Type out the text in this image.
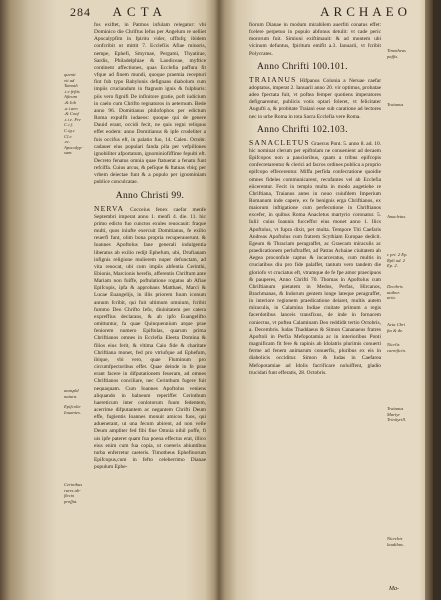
284 ACTA
quenti
vit ad
Tamoth
.i.e feftis
Afieum
.& Ioh
.a.i.aeo
.& Conf
.t.i.e. Fre
C.i.f.
C.ig.c
Cl.e.
.ec.
Apocalyp-
sum.
unaspld
natura.
Epifcolie
Iouanies.
Cerinthus
rures ab-
flecto
proffat.

fos exiftet, in Patmos infulam relegatur: vbi Dominico die Chriftus Iefus per Angelum re uelliet Apocalypfim in fpiritu vider, ufflufq; ibidem confcribit ut mittit 7. Ecclefiis Afiae minoris, nempe, Ephefi, Smyrnae, Pergami, Thyatirae, Sardis, Philadelphiae & Laodiceae, myftice continent affectiones, quas Ecclefia paffura fit vfque ad finem mundi, quoque praemia recepturi fint fub typo Babylonis defignans diabolum cum impiis cruciandum in ftagnum ignis & fulphuris: piis vero fignifi De infinitore gratie, poft iudicium in caelo cum Chrifto regnaturos in aeternum. Bede anno 96. Domitianus philofophos per edictum Roma expulfit iudaeos: quoque qui de genere Dauid erant, occidi fecit, ne quis regni reliquus effet eodem: anno Domitianus & ipfe crudeliter a fuis occifus eft, in palatio fuo, 14. Calen. Octobr. cadauer eius populari fanda pila per vefpillones ignobiliter afportatum, ignominiofiffime fepulti eft. Decreto fenatus omnia quae ftatuerat a fenatu funt refciffa. Cuius arcus, & pefique & ftatuas vbiq; per vrbem deiectae funt & a populo per ignominiam publice conculcatae.

Anno Christi 99.

NERVA Cocceius fenex caefar menfe Septembri imperat anno 1. menfi 4. die. 11. hic primo edicto fuo cunctos exules reuocauit: fraque multi, quos iniufte exercuit Domitianus, fe exilio reuerfi funt, olim bona propria recuperauerunt. & Ioannes Apoftolus fane generali indulgentia liberatus ab exilio redijt Ephefum, ubi, Drufianam infignis religione mulierem nuper defunctam, ad vita reuocat, ubi cum impiis abfentia Cerinthi, Ebionis, Marcionis herefis, afferentis Chriftum ante Mariam non fuiffe, poftulatione rogatus ab Afiae Epifcopis, ipfa & approbans Matthaei, Marci & Lucae Euangelijs, in illis priorem fuum iconum annum fcribit, qui fuit ultimum omnium, fcribit fummo Deo Chrifto Iefu, diuinitatem per catera expreffius declarans, & ab ipfo Euangelifto omittuntur, fa quae Quinquennium atque prae feniorem numero Epiftolas, quarum prima Chriftianos omnes in Ecclefia Eleeta Domina & filios eius ferit, & vltima Caio fide & charitate Chriftiana monet, fed pro vtriufque ad Ephefum, ibique, vbi vero, quae Fluminum pro circumfpectoribus effet. Quae deinde in fe prae erant facere in difputationem feueram, ad omnes Chriftianos conciliare, nec Cerinthum fugere fuit nequaquam. Cum Ioannes Apoftolus veniens aliquando in balneum reperiffet Cerinthum haereticum inter conlotorum fuum fedentem, acerrime difputantem ac negantem Chrifti Deum effe, fugientis Ioannes monuit amicos fuos, qui aduenerant, ut una fecum abirent, ad non velle Deum ampliter fed fibi fine Omnia nihil poffe, fi uis ipfe pateret quam fua poena effectus erat, illico eius enim cum fua copia, ut coeteris abiuntibus turba enferretur caeteris. Timotheus Ephefinorum Epifcopus,cum in fefto celeberrimo Dianae populum Ephe-

ARCHAEO
Timotheus
paffis.
Traianus
Anacletus.
c pri. 2 Ep.
Rpli ad. 2
Ep. 2.
Decibris
author.
uria.
Acta Cbri
fta & de.
Nicrlis
carnificin.
Traianus
Martyr
Trinityrill.
Nicrcbis
laudibus.

fiorum Dianae in modum mirabilem auerfiti conatus effet: fcelere perpetuo in populo abfonus detulit: vt cade peric mororum fuit. Simioni exiftimauit: & ad montem ubi vicinum defuntus, fpiritum emifit a.3. Ianuarii, vt fcribit Polycrates.

Anno Chrifti 100.101.

TRAIANUS Hifpanus Colonia a Neruae caefar adoptatus, imperat 2. Ianuarii anno 20. vir optimus, probatae adeo fpectata fuit, vt poftea femper quotiens imperatores defignarentur, publicis votis optari foleret, vt felicitater Augufti a, & probitate Traiani esse sub caratione ad lectores nec in urbe Roma in tota Sacra Ecclefia vere Roma.

Anno Chrifti 102.103.

SANACLETUS Graecus Pont. 5. anno 8. ad. 10. hic nominat clerum per epiftolam ne conuenient ad decaem Epifcopos non a paucioribus, quam a tribus epifcopis confecretarentur & clerici ad facros ordines publica a proprio epifcopo effecerentur. Miffa perfida confecratione quoidie omnes fideles communicarent, recufantes vel ab Ecclefia eiicerentur. Fecit in templo multa in modo augetiebe re Chriftiana, Traianus antes in nouo cuiufdem Imperium Romanum inde capere, ex fe benignis erga Chriftianos, ex maiorum inftigatione cum perfecutione in Chriftianos excefer, in quibus Roma Anacletus martyrio coronatur. 5. Iulii: cuius Ioannis fucceffor eius monet anno 1. Ilics Apoftolus, vt fupra dixit, pet multa. Tempore Titi Caefaris Andreas Apoftolus cum fratrem Scythiam Europae dedicit. Egeum & Thraciam peragraffet, ac Graecam miraculis ac praedicationem perluftraffet, ad Patras Achaiae ciuitatem ab Aegea proconfule captus & incarceratus, cum multis in cruciatibus diu pro fide palaffet, tantum vero tandem die gloriofo vt cruciatus eft, vtramque de fe fpe amor praecipuos & pauperes, Anno Chrifti 70. Thomas in Apoftolus cum Chriftianum pietatem in Medos, Perfas, Hircanos, Brachmanas, & Indorum gentem longe lateque peragraffet, in interiore regionem praedicatione deiaret, multis autem miraculis, in Calamina Indiae ciuitate primum a regis facerdotibus lanceis transfixus, de inde in fornacem coniectus, vt poftea Calaminam Deo reddidit tertio Octobris, a. Decembris. Iudas Thaddaeus & Simon Cananaeus fratres Apoftoli in Perfia Mefopotamia ac in interioribus Ponti magnificam fit fere & rapinis ab Idolatris plurimis conuerti ferme ad fenem animarum conuerfis, pluribus ex eis in diabolicis occiditur. Simon & Iudas in Caefarea Mefopotamiae ad Idolis facrificare noluiffent, gladio trucidati funt efferatis, 28. Octobris.

Ma-
